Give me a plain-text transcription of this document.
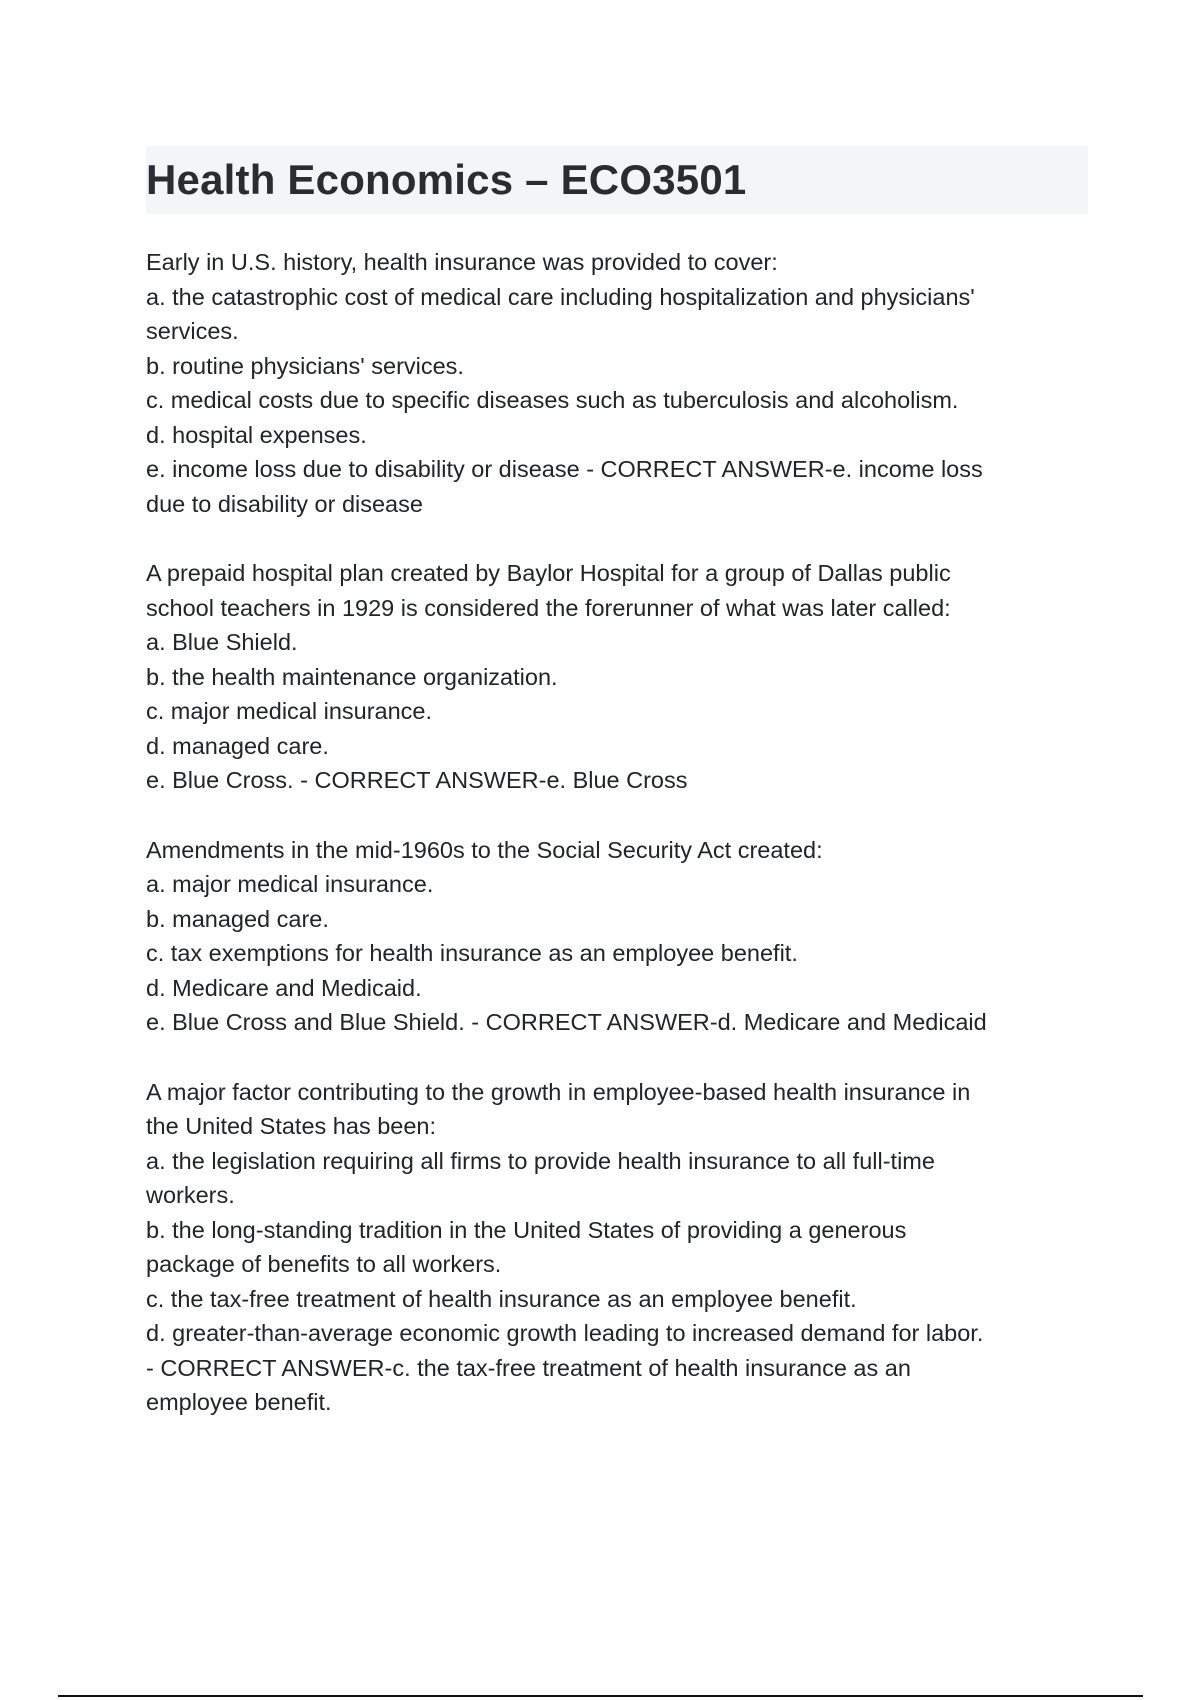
Health Economics – ECO3501
Early in U.S. history, health insurance was provided to cover:
a. the catastrophic cost of medical care including hospitalization and physicians'
services.
b. routine physicians' services.
c. medical costs due to specific diseases such as tuberculosis and alcoholism.
d. hospital expenses.
e. income loss due to disability or disease - CORRECT ANSWER-e. income loss
due to disability or disease
A prepaid hospital plan created by Baylor Hospital for a group of Dallas public
school teachers in 1929 is considered the forerunner of what was later called:
a. Blue Shield.
b. the health maintenance organization.
c. major medical insurance.
d. managed care.
e. Blue Cross. - CORRECT ANSWER-e. Blue Cross
Amendments in the mid-1960s to the Social Security Act created:
a. major medical insurance.
b. managed care.
c. tax exemptions for health insurance as an employee benefit.
d. Medicare and Medicaid.
e. Blue Cross and Blue Shield. - CORRECT ANSWER-d. Medicare and Medicaid
A major factor contributing to the growth in employee-based health insurance in
the United States has been:
a. the legislation requiring all firms to provide health insurance to all full-time
workers.
b. the long-standing tradition in the United States of providing a generous
package of benefits to all workers.
c. the tax-free treatment of health insurance as an employee benefit.
d. greater-than-average economic growth leading to increased demand for labor.
- CORRECT ANSWER-c. the tax-free treatment of health insurance as an
employee benefit.
